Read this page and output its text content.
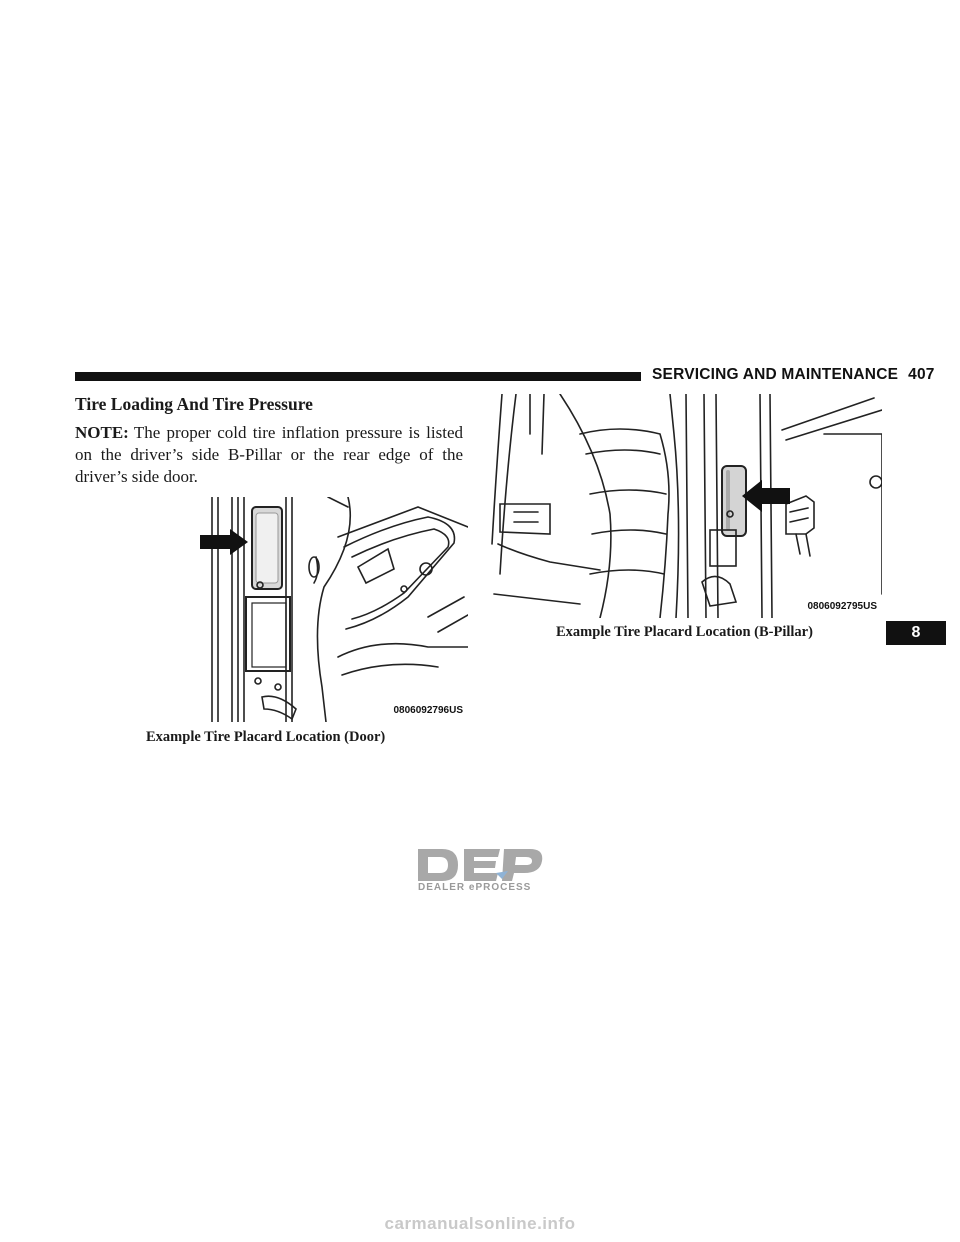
SERVICING AND MAINTENANCE 407
Tire Loading And Tire Pressure

NOTE: The proper cold tire inflation pressure is listed on the driver’s side B-Pillar or the rear edge of the driver’s side door.

0806092796US

Example Tire Placard Location (Door)

0806092795US

Example Tire Placard Location (B-Pillar)	8
DEALER ePROCESS
carmanualsonline.info
